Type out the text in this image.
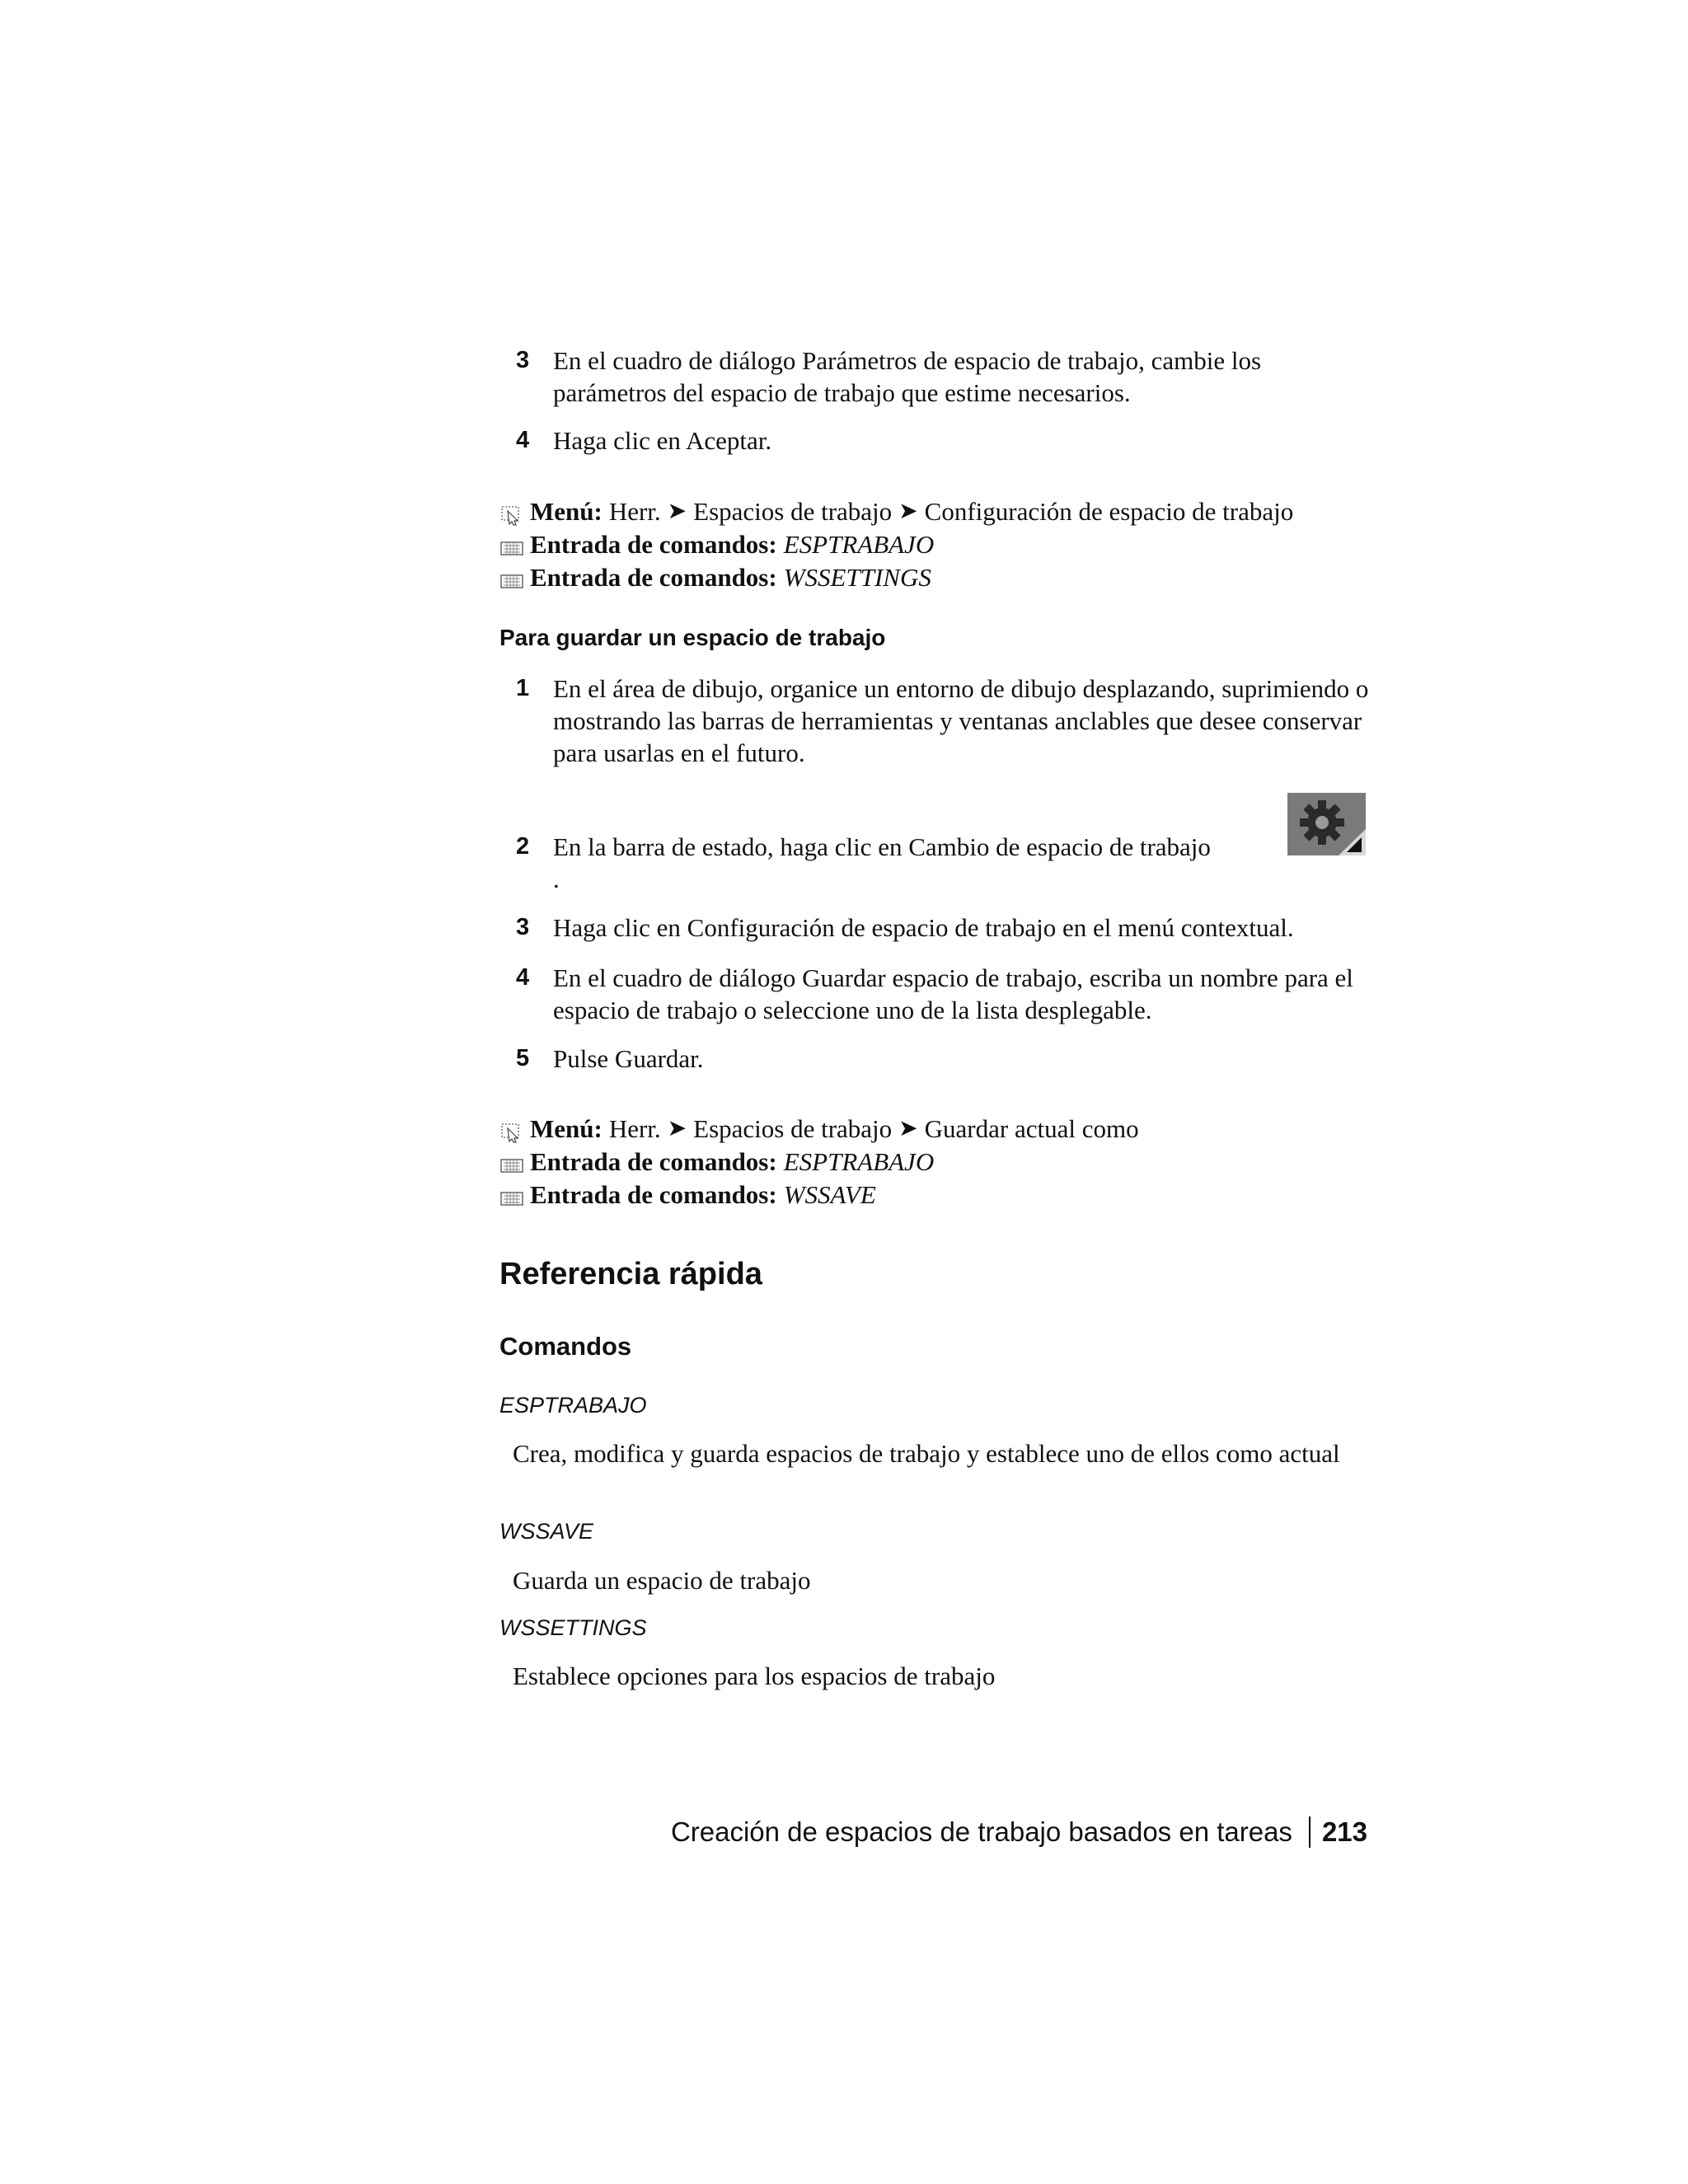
3 En el cuadro de diálogo Parámetros de espacio de trabajo, cambie los parámetros del espacio de trabajo que estime necesarios.

4 Haga clic en Aceptar.

Menú: Herr. ➤ Espacios de trabajo ➤ Configuración de espacio de trabajo
Entrada de comandos: ESPTRABAJO
Entrada de comandos: WSSETTINGS
Para guardar un espacio de trabajo
1 En el área de dibujo, organice un entorno de dibujo desplazando, suprimiendo o mostrando las barras de herramientas y ventanas anclables que desee conservar para usarlas en el futuro.

2 En la barra de estado, haga clic en Cambio de espacio de trabajo

.

3 Haga clic en Configuración de espacio de trabajo en el menú contextual.

4 En el cuadro de diálogo Guardar espacio de trabajo, escriba un nombre para el espacio de trabajo o seleccione uno de la lista desplegable.

5 Pulse Guardar.

Menú: Herr. ➤ Espacios de trabajo ➤ Guardar actual como
Entrada de comandos: ESPTRABAJO
Entrada de comandos: WSSAVE
Referencia rápida
Comandos
ESPTRABAJO
Crea, modifica y guarda espacios de trabajo y establece uno de ellos como actual
WSSAVE
Guarda un espacio de trabajo
WSSETTINGS
Establece opciones para los espacios de trabajo
Creación de espacios de trabajo basados en tareas 213
